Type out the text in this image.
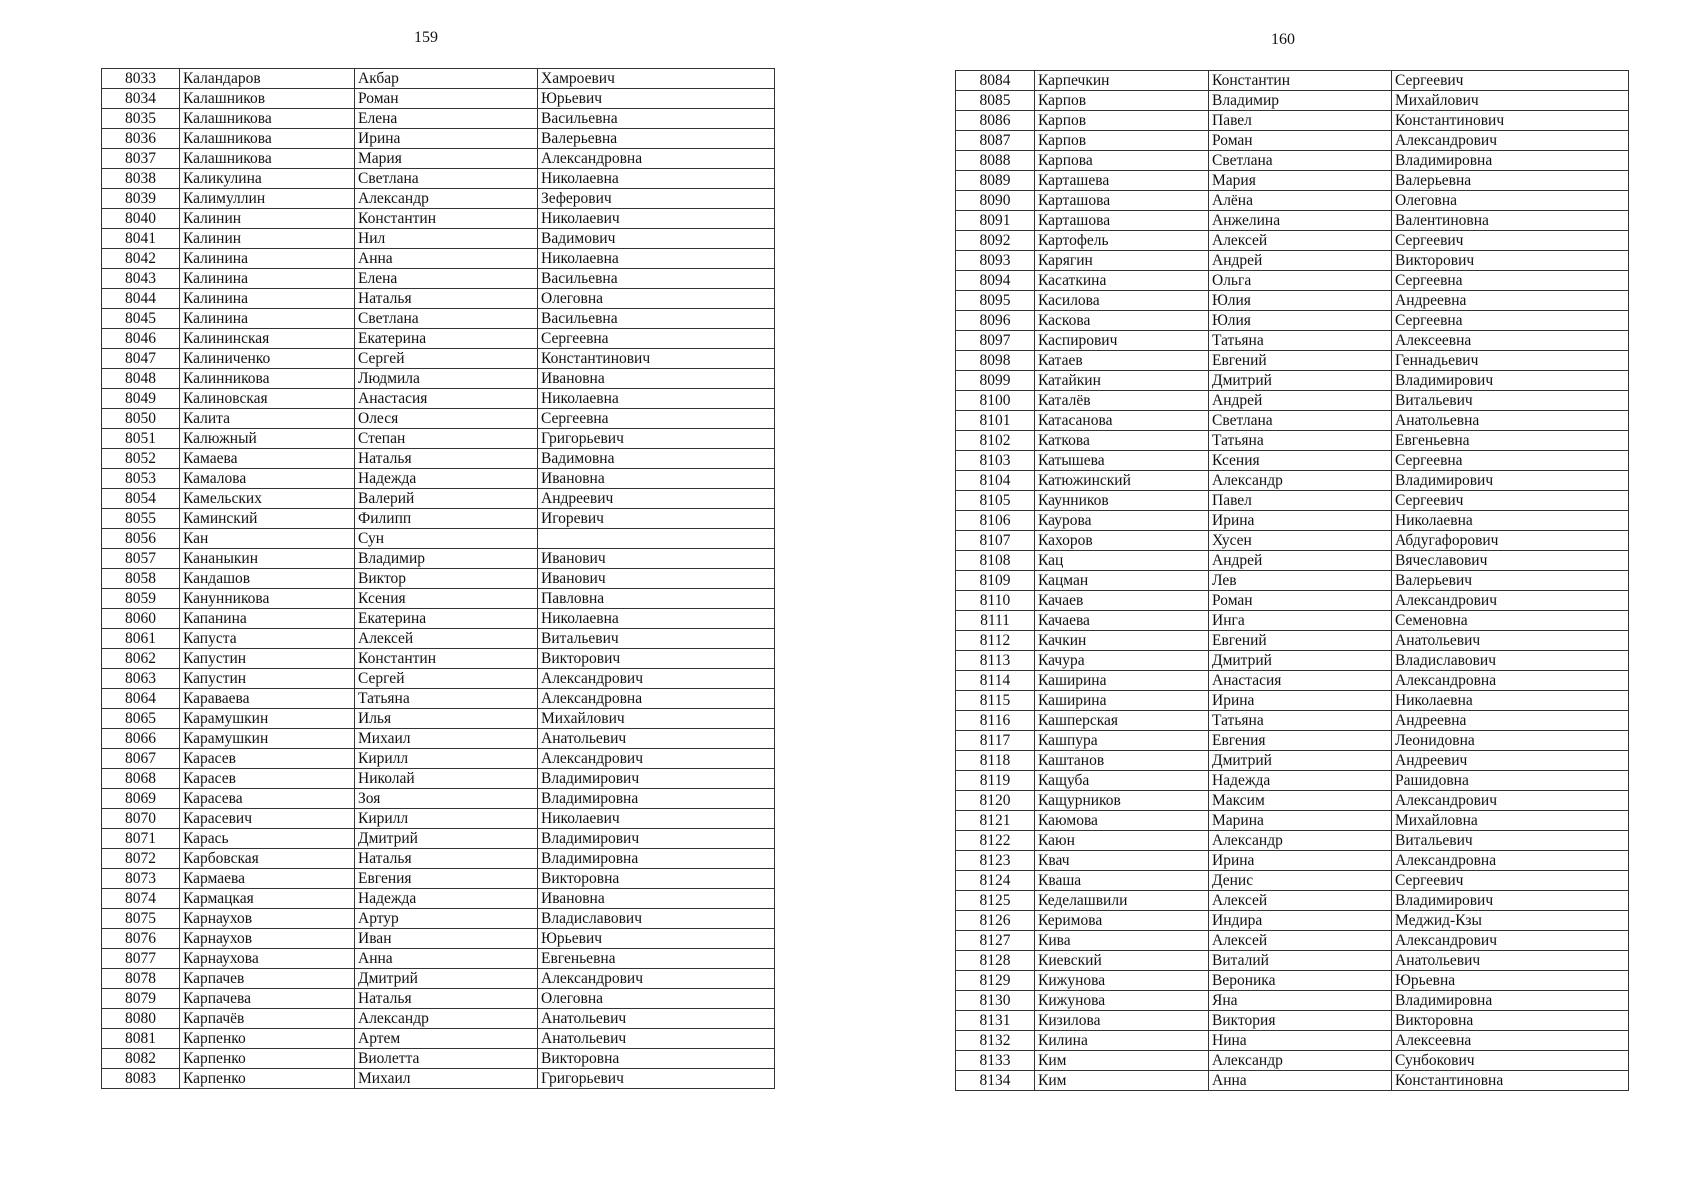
159
8033	Каландаров	Акбар	Хамроевич
8034	Калашников	Роман	Юрьевич
8035	Калашникова	Елена	Васильевна
8036	Калашникова	Ирина	Валерьевна
8037	Калашникова	Мария	Александровна
8038	Каликулина	Светлана	Николаевна
8039	Калимуллин	Александр	Зеферович
8040	Калинин	Константин	Николаевич
8041	Калинин	Нил	Вадимович
8042	Калинина	Анна	Николаевна
8043	Калинина	Елена	Васильевна
8044	Калинина	Наталья	Олеговна
8045	Калинина	Светлана	Васильевна
8046	Калининская	Екатерина	Сергеевна
8047	Калиниченко	Сергей	Константинович
8048	Калинникова	Людмила	Ивановна
8049	Калиновская	Анастасия	Николаевна
8050	Калита	Олеся	Сергеевна
8051	Калюжный	Степан	Григорьевич
8052	Камаева	Наталья	Вадимовна
8053	Камалова	Надежда	Ивановна
8054	Камельских	Валерий	Андреевич
8055	Каминский	Филипп	Игоревич
8056	Кан	Сун	
8057	Кананыкин	Владимир	Иванович
8058	Кандашов	Виктор	Иванович
8059	Канунникова	Ксения	Павловна
8060	Капанина	Екатерина	Николаевна
8061	Капуста	Алексей	Витальевич
8062	Капустин	Константин	Викторович
8063	Капустин	Сергей	Александрович
8064	Караваева	Татьяна	Александровна
8065	Карамушкин	Илья	Михайлович
8066	Карамушкин	Михаил	Анатольевич
8067	Карасев	Кирилл	Александрович
8068	Карасев	Николай	Владимирович
8069	Карасева	Зоя	Владимировна
8070	Карасевич	Кирилл	Николаевич
8071	Карась	Дмитрий	Владимирович
8072	Карбовская	Наталья	Владимировна
8073	Кармаева	Евгения	Викторовна
8074	Кармацкая	Надежда	Ивановна
8075	Карнаухов	Артур	Владиславович
8076	Карнаухов	Иван	Юрьевич
8077	Карнаухова	Анна	Евгеньевна
8078	Карпачев	Дмитрий	Александрович
8079	Карпачева	Наталья	Олеговна
8080	Карпачёв	Александр	Анатольевич
8081	Карпенко	Артем	Анатольевич
8082	Карпенко	Виолетта	Викторовна
8083	Карпенко	Михаил	Григорьевич
160
8084	Карпечкин	Константин	Сергеевич
8085	Карпов	Владимир	Михайлович
8086	Карпов	Павел	Константинович
8087	Карпов	Роман	Александрович
8088	Карпова	Светлана	Владимировна
8089	Карташева	Мария	Валерьевна
8090	Карташова	Алёна	Олеговна
8091	Карташова	Анжелина	Валентиновна
8092	Картофель	Алексей	Сергеевич
8093	Карягин	Андрей	Викторович
8094	Касаткина	Ольга	Сергеевна
8095	Касилова	Юлия	Андреевна
8096	Каскова	Юлия	Сергеевна
8097	Каспирович	Татьяна	Алексеевна
8098	Катаев	Евгений	Геннадьевич
8099	Катайкин	Дмитрий	Владимирович
8100	Каталёв	Андрей	Витальевич
8101	Катасанова	Светлана	Анатольевна
8102	Каткова	Татьяна	Евгеньевна
8103	Катышева	Ксения	Сергеевна
8104	Катюжинский	Александр	Владимирович
8105	Каунников	Павел	Сергеевич
8106	Каурова	Ирина	Николаевна
8107	Кахоров	Хусен	Абдугафорович
8108	Кац	Андрей	Вячеславович
8109	Кацман	Лев	Валерьевич
8110	Качаев	Роман	Александрович
8111	Качаева	Инга	Семеновна
8112	Качкин	Евгений	Анатольевич
8113	Качура	Дмитрий	Владиславович
8114	Каширина	Анастасия	Александровна
8115	Каширина	Ирина	Николаевна
8116	Кашперская	Татьяна	Андреевна
8117	Кашпура	Евгения	Леонидовна
8118	Каштанов	Дмитрий	Андреевич
8119	Кащуба	Надежда	Рашидовна
8120	Кащурников	Максим	Александрович
8121	Каюмова	Марина	Михайловна
8122	Каюн	Александр	Витальевич
8123	Квач	Ирина	Александровна
8124	Кваша	Денис	Сергеевич
8125	Кеделашвили	Алексей	Владимирович
8126	Керимова	Индира	Меджид-Кзы
8127	Кива	Алексей	Александрович
8128	Киевский	Виталий	Анатольевич
8129	Кижунова	Вероника	Юрьевна
8130	Кижунова	Яна	Владимировна
8131	Кизилова	Виктория	Викторовна
8132	Килина	Нина	Алексеевна
8133	Ким	Александр	Сунбокович
8134	Ким	Анна	Константиновна
